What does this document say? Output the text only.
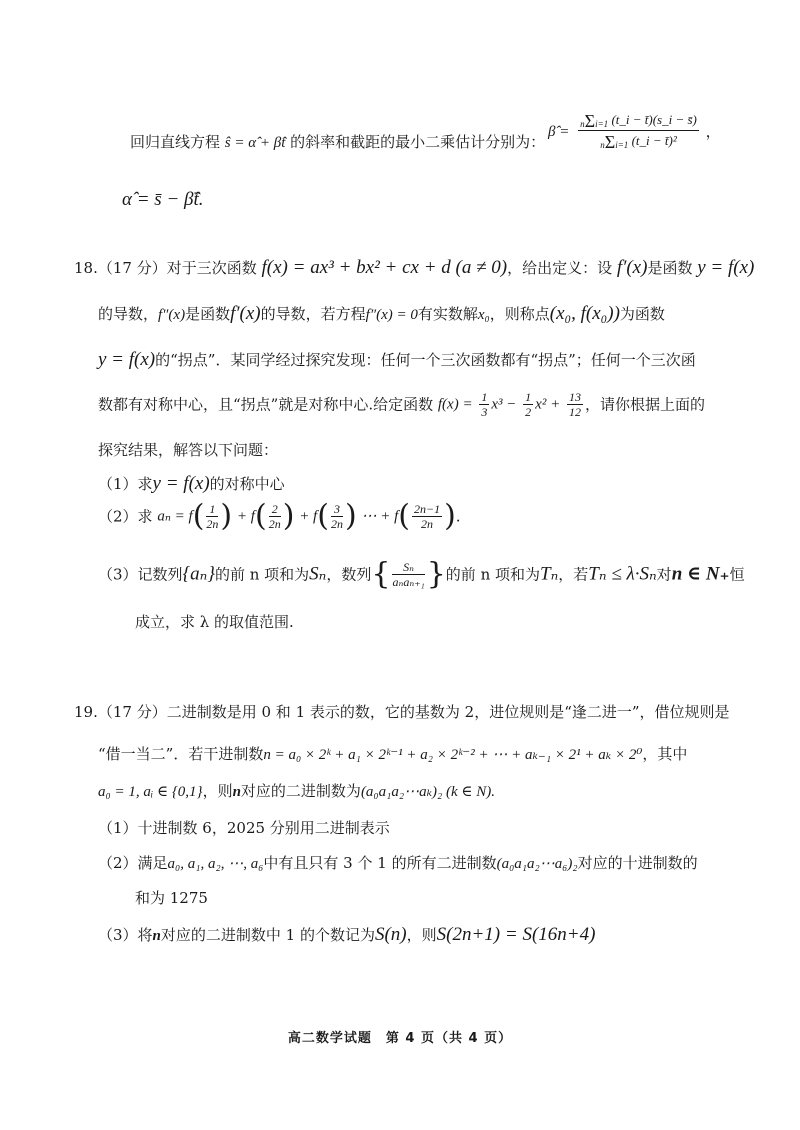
回归直线方程 ŝ = α̂ + β̂t 的斜率和截距的最小二乘估计分别为：
β̂ = $\frac{\text{nΣi=1 (t\_i − t̄)(s\_i − s̄)}}{\text{nΣi=1 (t\_i − t̄)²}}$ ，
α̂ = s̄ − β̂t̄.
18.（17 分）对于三次函数 f(x) = ax³ + bx² + cx + d (a ≠ 0)，给出定义：设 f′(x)是函数 y = f(x)
的导数，f″(x)是函数f′(x)的导数，若方程f″(x) = 0有实数解x₀，则称点(x₀, f(x₀))为函数
y = f(x)的“拐点”．某同学经过探究发现：任何一个三次函数都有“拐点”；任何一个三次函
数都有对称中心，且“拐点”就是对称中心.给定函数 $f(x) = \frac{1}{3} x^3 - \frac{1}{2} x^2 + \frac{13}{12}$ ，请你根据上面的
探究结果，解答以下问题：
（1）求y = f(x)的对称中心
（2）求 $a_n = f( \frac{1}{2n}$ ) + $f( \frac{2}{2n}$ ) + $f( \frac{3}{2n}$ ) ⋯ + $f( \frac{2n-1}{2n}$ ).
（3）记数列{aₙ}的前 n 项和为Sₙ，数列{ $\frac{\text{Sₙ}}{\text{aₙaₙ₊₁}}$ }的前 n 项和为Tₙ，若Tₙ ≤ λ·Sₙ对n ∈ N₊恒
成立，求 λ 的取值范围.
19.（17 分）二进制数是用 0 和 1 表示的数，它的基数为 2，进位规则是“逢二进一”，借位规则是
“借一当二”．若干进制数n = a₀ × 2ᵏ + a₁ × 2ᵏ⁻¹ + a₂ × 2ᵏ⁻² + ⋯ + aₖ₋₁ × 2¹ + aₖ × 2⁰，其中
a₀ = 1, aᵢ ∈ {0,1}，则n对应的二进制数为(a₀a₁a₂⋯aₖ)₂ (k ∈ N).
（1）十进制数 6，2025 分别用二进制表示
（2）满足a₀, a₁, a₂, ⋯, a₆中有且只有 3 个 1 的所有二进制数(a₀a₁a₂⋯a₆)₂对应的十进制数的
和为 1275
（3）将n对应的二进制数中 1 的个数记为S(n)，则S(2n+1) = S(16n+4)
高二数学试题　第 4 页（共 4 页）
